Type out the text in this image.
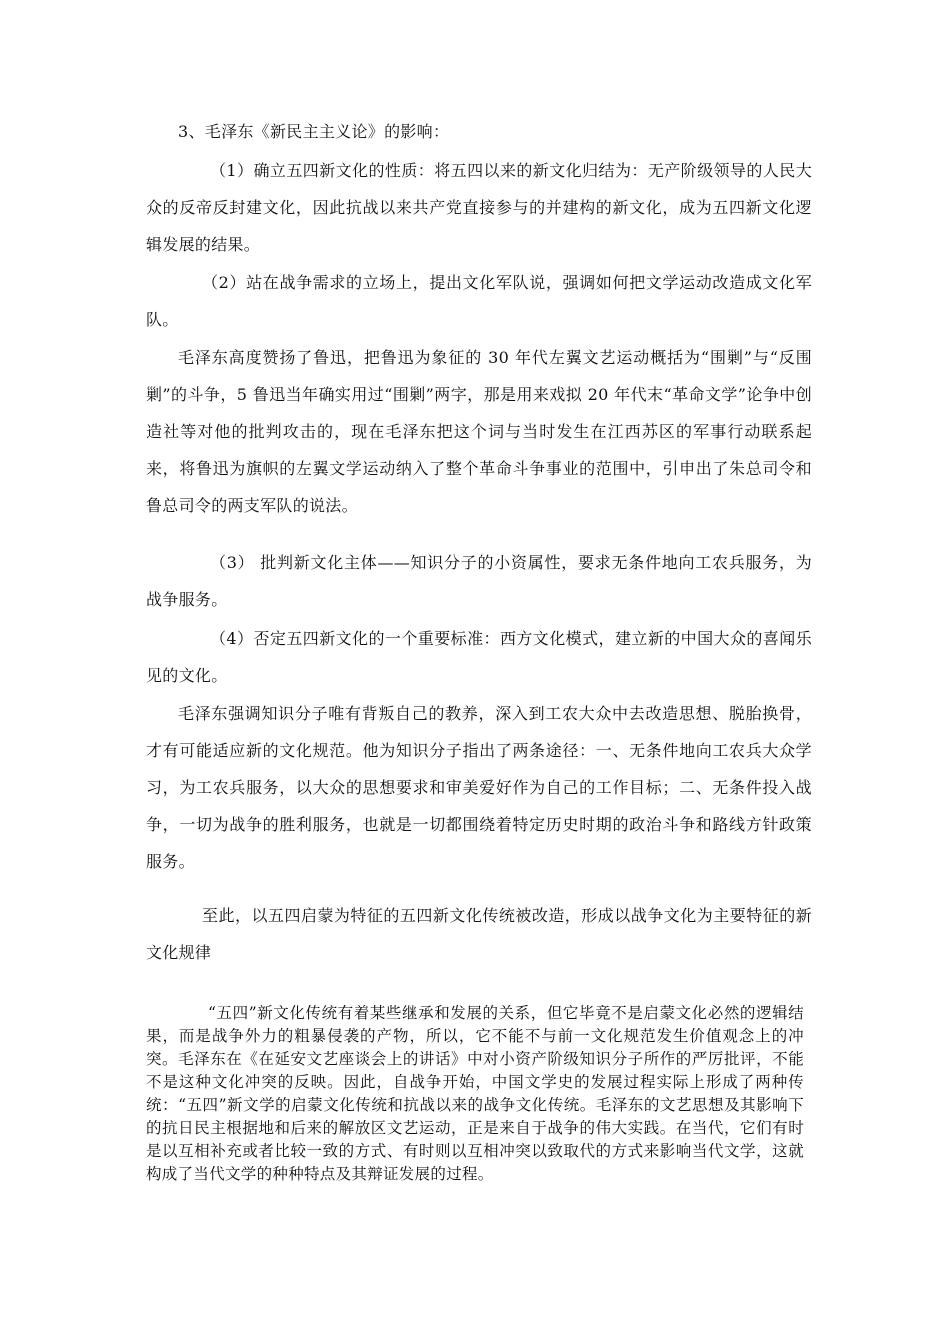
3、毛泽东《新民主主义论》的影响：

（1）确立五四新文化的性质：将五四以来的新文化归结为：无产阶级领导的人民大众的反帝反封建文化，因此抗战以来共产党直接参与的并建构的新文化，成为五四新文化逻辑发展的结果。

（2）站在战争需求的立场上，提出文化军队说，强调如何把文学运动改造成文化军队。

毛泽东高度赞扬了鲁迅，把鲁迅为象征的 30 年代左翼文艺运动概括为“围剿”与“反围剿”的斗争，5 鲁迅当年确实用过“围剿”两字，那是用来戏拟 20 年代末“革命文学”论争中创造社等对他的批判攻击的，现在毛泽东把这个词与当时发生在江西苏区的军事行动联系起来，将鲁迅为旗帜的左翼文学运动纳入了整个革命斗争事业的范围中，引申出了朱总司令和鲁总司令的两支军队的说法。

（3） 批判新文化主体——知识分子的小资属性，要求无条件地向工农兵服务，为战争服务。

（4）否定五四新文化的一个重要标准：西方文化模式，建立新的中国大众的喜闻乐见的文化。

毛泽东强调知识分子唯有背叛自己的教养，深入到工农大众中去改造思想、脱胎换骨，才有可能适应新的文化规范。他为知识分子指出了两条途径：一、无条件地向工农兵大众学习，为工农兵服务，以大众的思想要求和审美爱好作为自己的工作目标；二、无条件投入战争，一切为战争的胜利服务，也就是一切都围绕着特定历史时期的政治斗争和路线方针政策服务。

至此，以五四启蒙为特征的五四新文化传统被改造，形成以战争文化为主要特征的新文化规律

“五四”新文化传统有着某些继承和发展的关系，但它毕竟不是启蒙文化必然的逻辑结果，而是战争外力的粗暴侵袭的产物，所以，它不能不与前一文化规范发生价值观念上的冲突。毛泽东在《在延安文艺座谈会上的讲话》中对小资产阶级知识分子所作的严厉批评，不能不是这种文化冲突的反映。因此，自战争开始，中国文学史的发展过程实际上形成了两种传统：“五四”新文学的启蒙文化传统和抗战以来的战争文化传统。毛泽东的文艺思想及其影响下的抗日民主根据地和后来的解放区文艺运动，正是来自于战争的伟大实践。在当代，它们有时是以互相补充或者比较一致的方式、有时则以互相冲突以致取代的方式来影响当代文学，这就构成了当代文学的种种特点及其辩证发展的过程。
